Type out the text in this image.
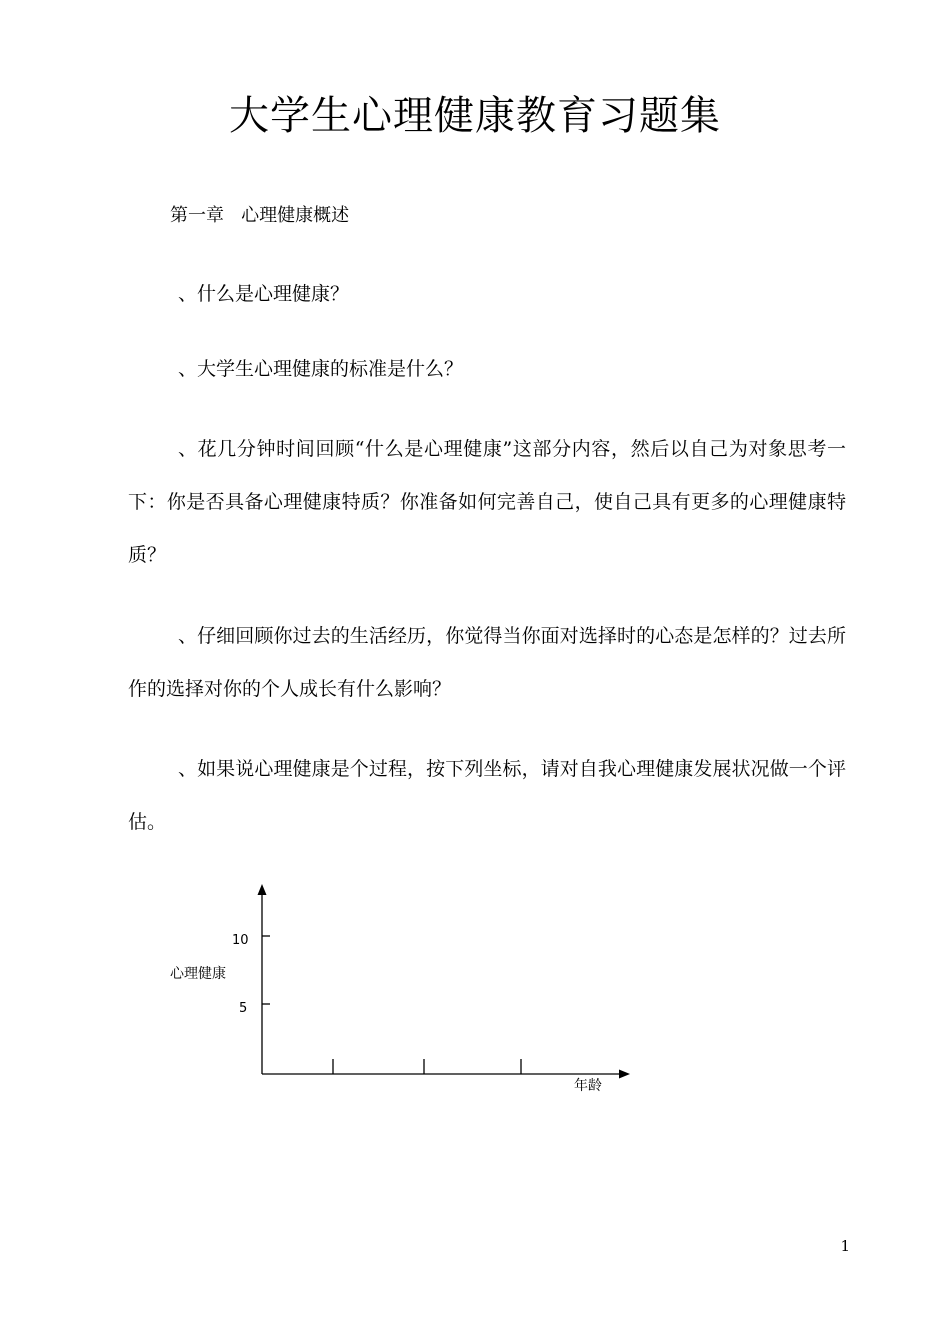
大学生心理健康教育习题集
第一章   心理健康概述
、什么是心理健康？
、大学生心理健康的标准是什么？
、花几分钟时间回顾“什么是心理健康”这部分内容，然后以自己为对象思考一下：你是否具备心理健康特质？你准备如何完善自己，使自己具有更多的心理健康特质？
、仔细回顾你过去的生活经历，你觉得当你面对选择时的心态是怎样的？过去所作的选择对你的个人成长有什么影响？
、如果说心理健康是个过程，按下列坐标，请对自我心理健康发展状况做一个评估。
10
5
心理健康
年龄
1
